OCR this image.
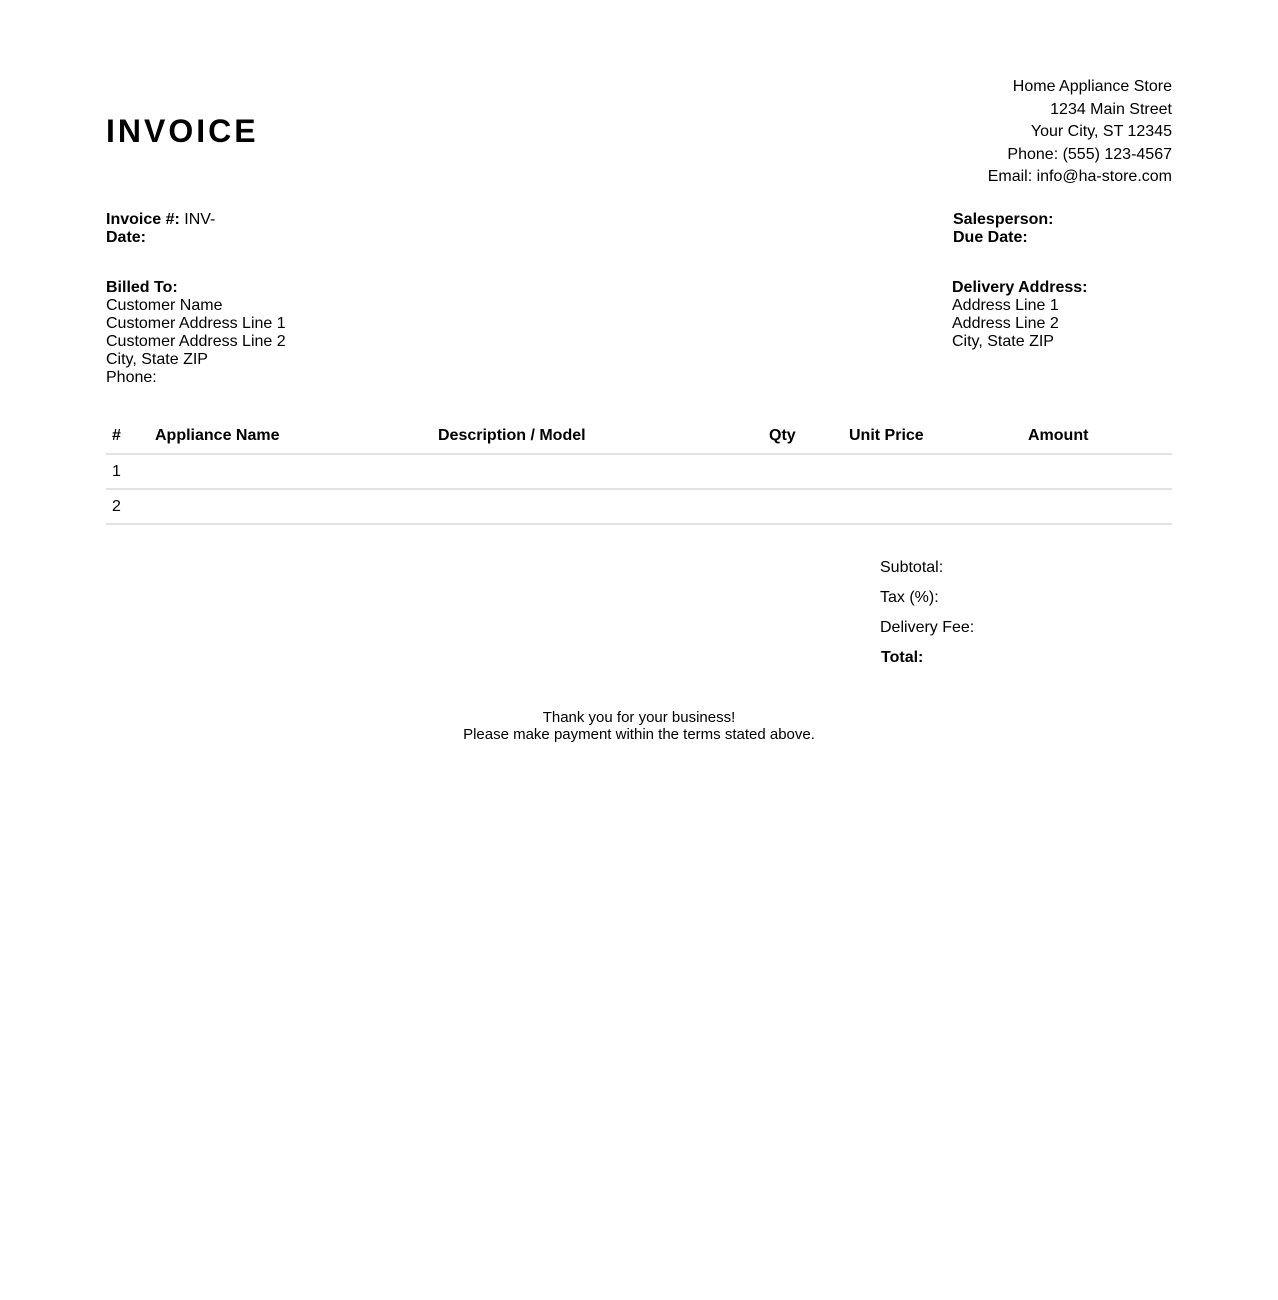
INVOICE
Home Appliance Store
1234 Main Street
Your City, ST 12345
Phone: (555) 123-4567
Email: info@ha-store.com
Invoice #: INV-
Date:
Salesperson:
Due Date:
Billed To:
Customer Name
Customer Address Line 1
Customer Address Line 2
City, State ZIP
Phone:
Delivery Address:
Address Line 1
Address Line 2
City, State ZIP
#	Appliance Name	Description / Model	Qty	Unit Price	Amount
1					
2					
Subtotal:
Tax (%):
Delivery Fee:
Total:
Thank you for your business!
Please make payment within the terms stated above.
